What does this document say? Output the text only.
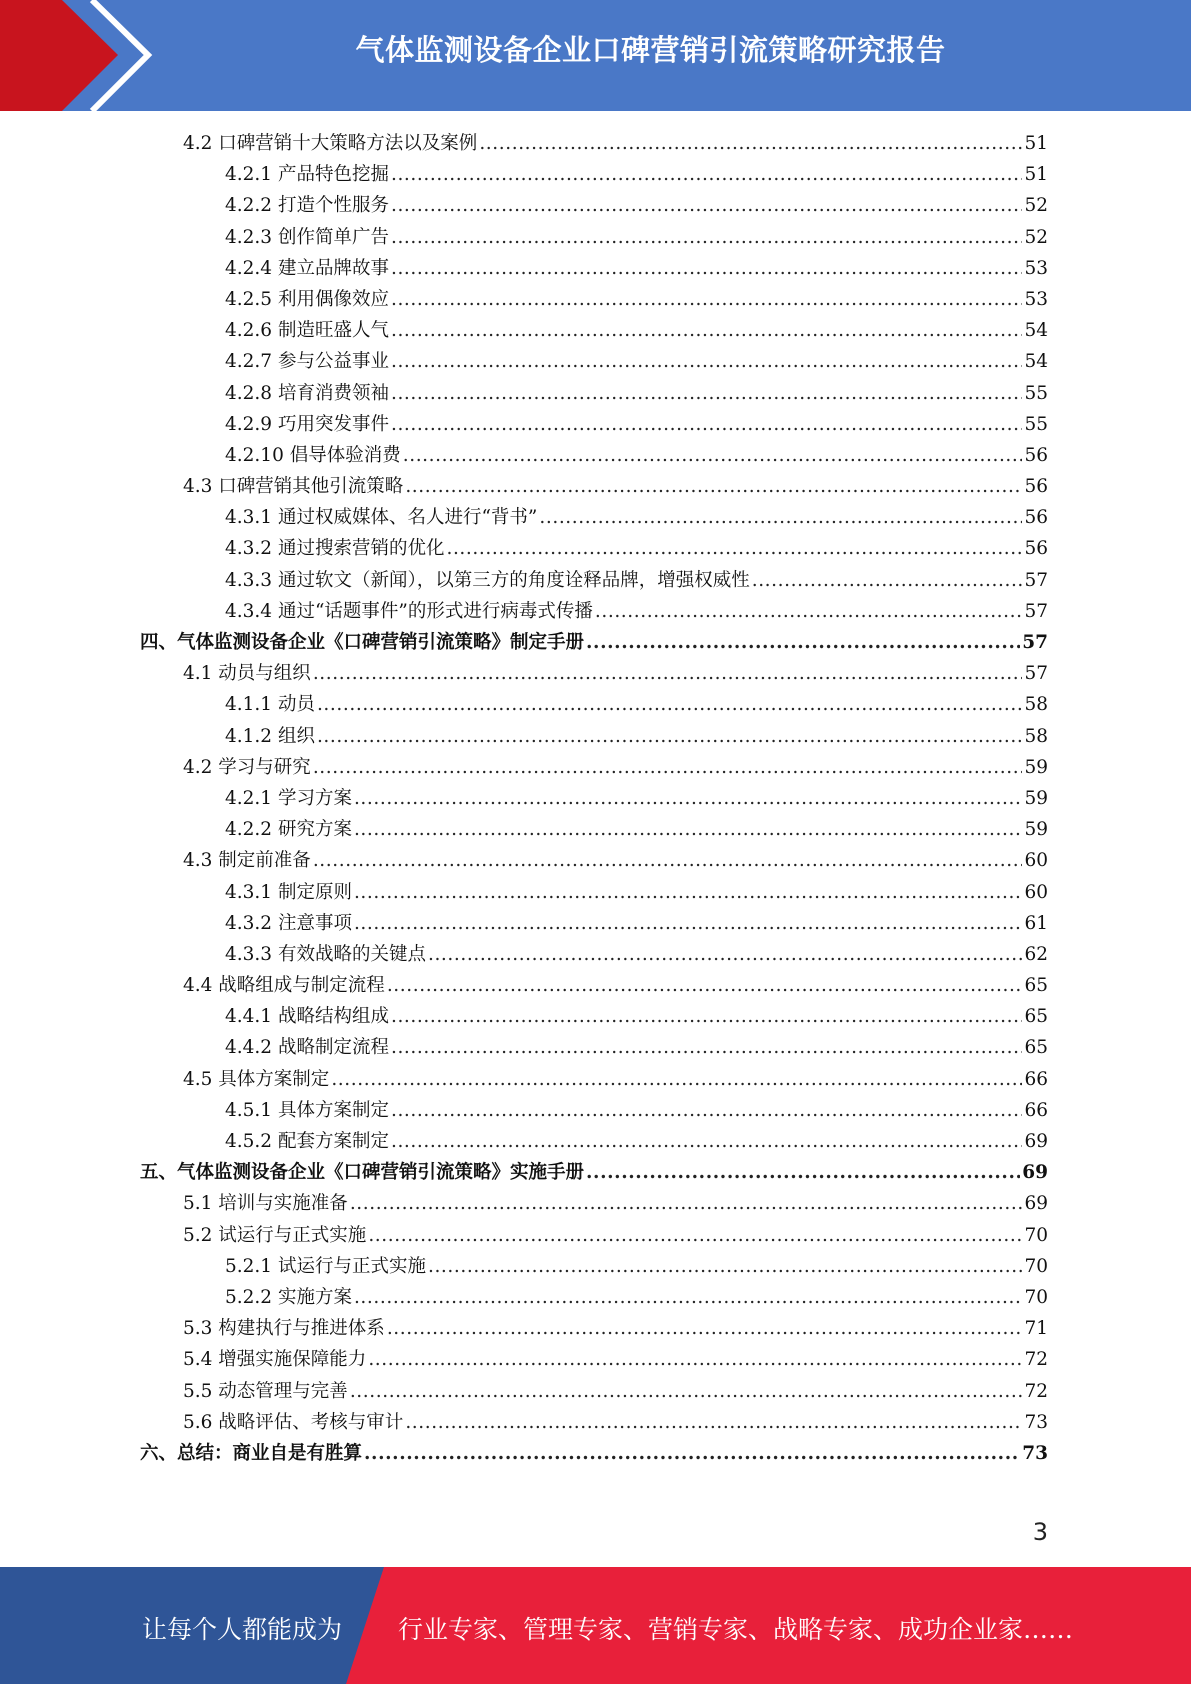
气体监测设备企业口碑营销引流策略研究报告
4.2 口碑营销十大策略方法以及案例 .....	51
4.2.1 产品特色挖掘 .....	51
4.2.2 打造个性服务 .....	52
4.2.3 创作简单广告 .....	52
4.2.4 建立品牌故事 .....	53
4.2.5 利用偶像效应 .....	53
4.2.6 制造旺盛人气 .....	54
4.2.7 参与公益事业 .....	54
4.2.8 培育消费领袖 .....	55
4.2.9 巧用突发事件 .....	55
4.2.10 倡导体验消费 .....	56
4.3 口碑营销其他引流策略 .....	56
4.3.1 通过权威媒体、名人进行“背书” .....	56
4.3.2 通过搜索营销的优化 .....	56
4.3.3 通过软文（新闻），以第三方的角度诠释品牌，增强权威性 .....	57
4.3.4 通过“话题事件”的形式进行病毒式传播 .....	57
四、气体监测设备企业《口碑营销引流策略》制定手册 .....	57
4.1 动员与组织 .....	57
4.1.1 动员 .....	58
4.1.2 组织 .....	58
4.2 学习与研究 .....	59
4.2.1 学习方案 .....	59
4.2.2 研究方案 .....	59
4.3 制定前准备 .....	60
4.3.1 制定原则 .....	60
4.3.2 注意事项 .....	61
4.3.3 有效战略的关键点 .....	62
4.4 战略组成与制定流程 .....	65
4.4.1 战略结构组成 .....	65
4.4.2 战略制定流程 .....	65
4.5 具体方案制定 .....	66
4.5.1 具体方案制定 .....	66
4.5.2 配套方案制定 .....	69
五、气体监测设备企业《口碑营销引流策略》实施手册 .....	69
5.1 培训与实施准备 .....	69
5.2 试运行与正式实施 .....	70
5.2.1 试运行与正式实施 .....	70
5.2.2 实施方案 .....	70
5.3 构建执行与推进体系 .....	71
5.4 增强实施保障能力 .....	72
5.5 动态管理与完善 .....	72
5.6 战略评估、考核与审计 .....	73
六、总结：商业自是有胜算 .....	73
3
让每个人都能成为 行业专家、管理专家、营销专家、战略专家、成功企业家……
